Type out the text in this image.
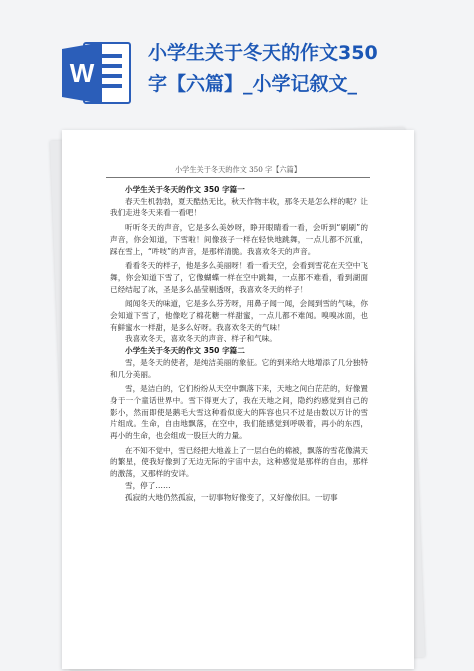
W
小学生关于冬天的作文350
字【六篇】_小学记叙文_
小学生关于冬天的作文 350 字【六篇】

小学生关于冬天的作文 350 字篇一

春天生机勃勃，夏天酷热无比，秋天作物丰收，那冬天是怎么样的呢？让我们走进冬天来看一看吧！

听听冬天的声音，它是多么美妙呀，睁开眼睛看一看，会听到“刷刷”的声音，你会知道，下雪啦！间像孩子一样在轻快地跳舞，一点儿都不沉重，踩在雪上，“吽吱”的声音，是那样清脆。我喜欢冬天的声音。

看看冬天的样子，他是多么美丽呀！看一看天空，会看到雪花在天空中飞舞，你会知道下雪了，它像蝴蝶一样在空中跳舞，一点都不难看，看到湖面已经结起了冰，圣是多么晶莹剔透呀，我喜欢冬天的样子！

闻闻冬天的味道，它是多么芬芳呀，用鼻子闻一闻，会闻到雪的气味，你会知道下雪了，他像吃了棉花糖一样甜蜜，一点儿都不难闻。嗅嗅冰面，也有鲜蜜水一样甜，是多么好呀。我喜欢冬天的气味！

我喜欢冬天，喜欢冬天的声音、样子和气味。

小学生关于冬天的作文 350 字篇二

雪，是冬天的使者，是纯洁美丽的象征。它的到来给大地增添了几分独特和几分美丽。

雪，是洁白的，它们纷纷从天空中飘落下来，天地之间白茫茫的，好像置身于一个童话世界中。雪下得更大了，我在天地之间，隐约约感觉到自己的影小，然而即使是鹅毛大雪这种看似庞大的阵容也只不过是由数以万计的雪片组成。生命，自由地飘落，在空中，我们能感觉到呼吸着，再小的东西，再小的生命，也会组成一股巨大的力量。

在不知不觉中，雪已经把大地盖上了一层白色的棉被，飘落的雪花像满天的繁星，使我好像到了无边无际的宇宙中去，这种感觉是那样的自由，那样的激荡，又那样的安详。

雪，停了……

孤寂的大地仍然孤寂，一切事物好像变了，又好像依旧。一切事
